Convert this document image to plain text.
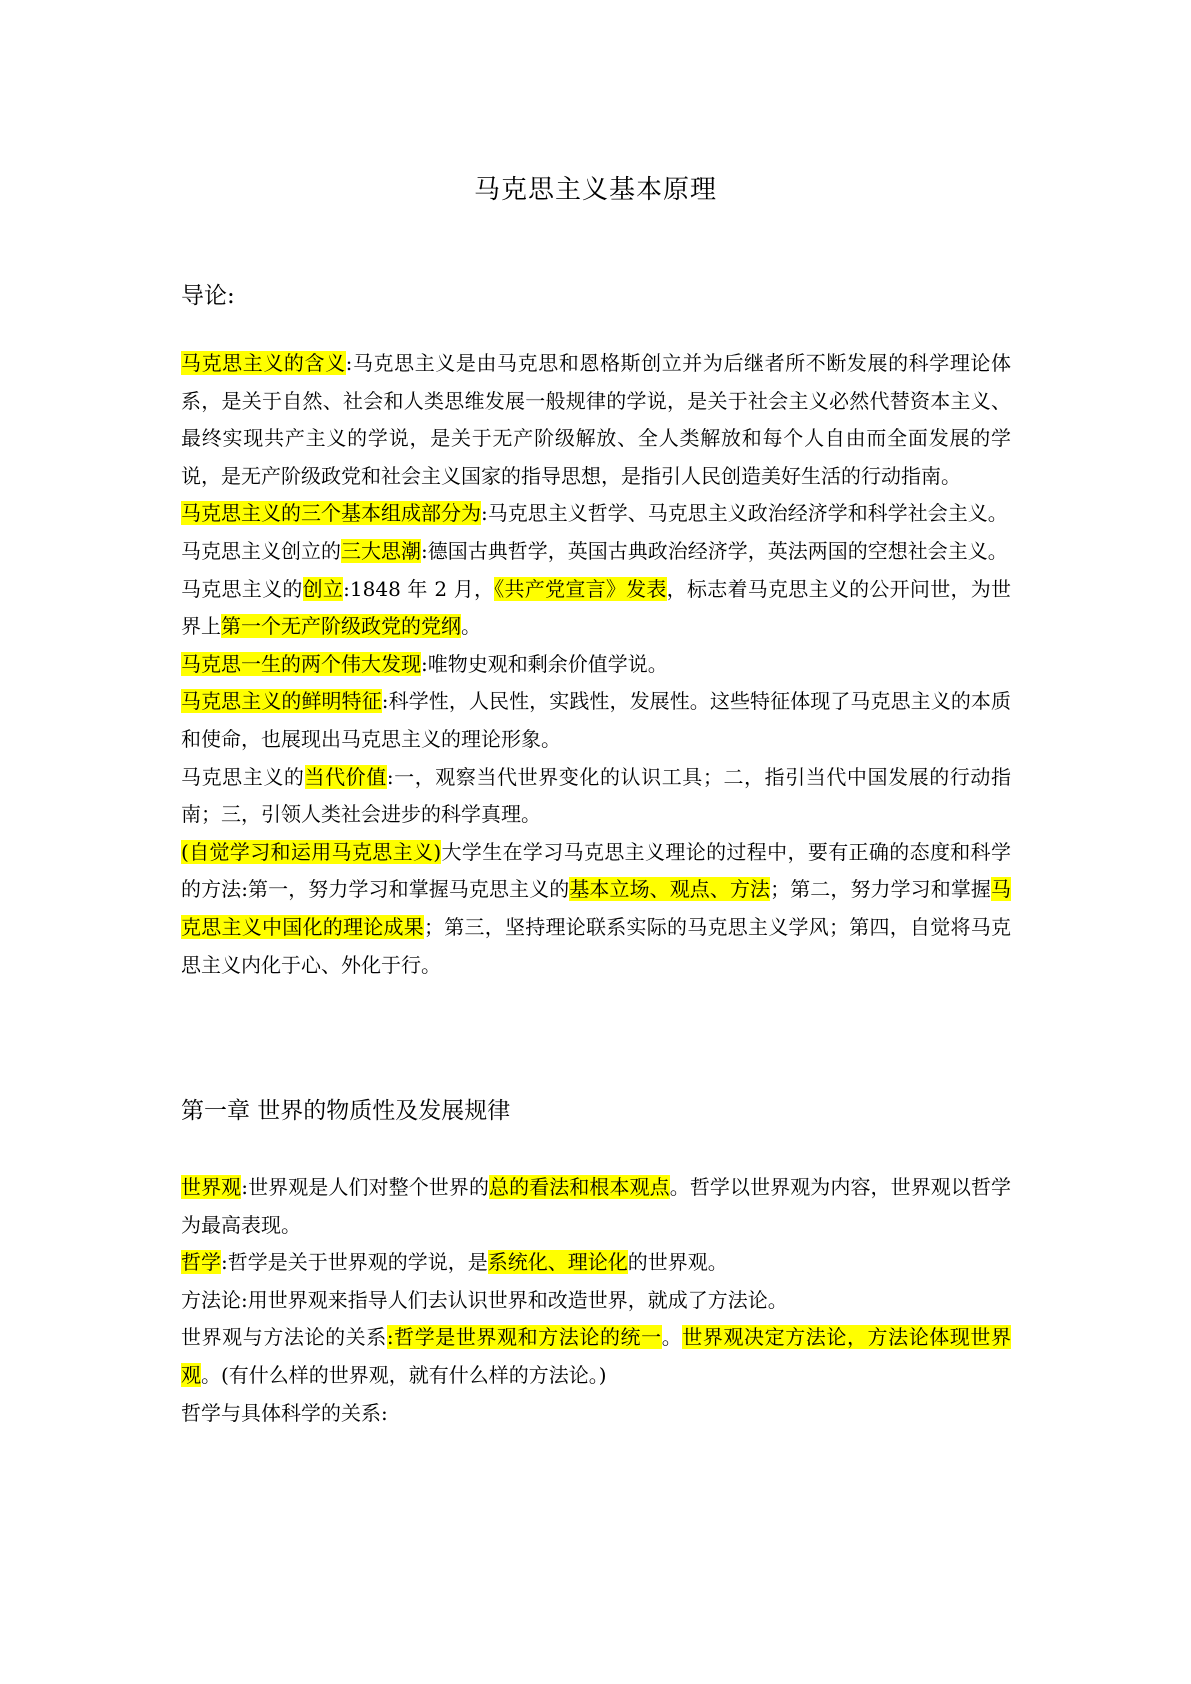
马克思主义基本原理
导论:

马克思主义的含义:马克思主义是由马克思和恩格斯创立并为后继者所不断发展的科学理论体系，是关于自然、社会和人类思维发展一般规律的学说，是关于社会主义必然代替资本主义、最终实现共产主义的学说，是关于无产阶级解放、全人类解放和每个人自由而全面发展的学说，是无产阶级政党和社会主义国家的指导思想，是指引人民创造美好生活的行动指南。

马克思主义的三个基本组成部分为:马克思主义哲学、马克思主义政治经济学和科学社会主义。

马克思主义创立的三大思潮:德国古典哲学，英国古典政治经济学，英法两国的空想社会主义。

马克思主义的创立:1848 年 2 月，《共产党宣言》发表，标志着马克思主义的公开问世，为世界上第一个无产阶级政党的党纲。

马克思一生的两个伟大发现:唯物史观和剩余价值学说。

马克思主义的鲜明特征:科学性，人民性，实践性，发展性。这些特征体现了马克思主义的本质和使命，也展现出马克思主义的理论形象。

马克思主义的当代价值:一，观察当代世界变化的认识工具；二，指引当代中国发展的行动指南；三，引领人类社会进步的科学真理。

(自觉学习和运用马克思主义)大学生在学习马克思主义理论的过程中，要有正确的态度和科学的方法:第一，努力学习和掌握马克思主义的基本立场、观点、方法；第二，努力学习和掌握马克思主义中国化的理论成果；第三，坚持理论联系实际的马克思主义学风；第四，自觉将马克思主义内化于心、外化于行。

第一章 世界的物质性及发展规律

世界观:世界观是人们对整个世界的总的看法和根本观点。哲学以世界观为内容，世界观以哲学为最高表现。

哲学:哲学是关于世界观的学说，是系统化、理论化的世界观。

方法论:用世界观来指导人们去认识世界和改造世界，就成了方法论。

世界观与方法论的关系:哲学是世界观和方法论的统一。世界观决定方法论，方法论体现世界观。(有什么样的世界观，就有什么样的方法论。)

哲学与具体科学的关系:
